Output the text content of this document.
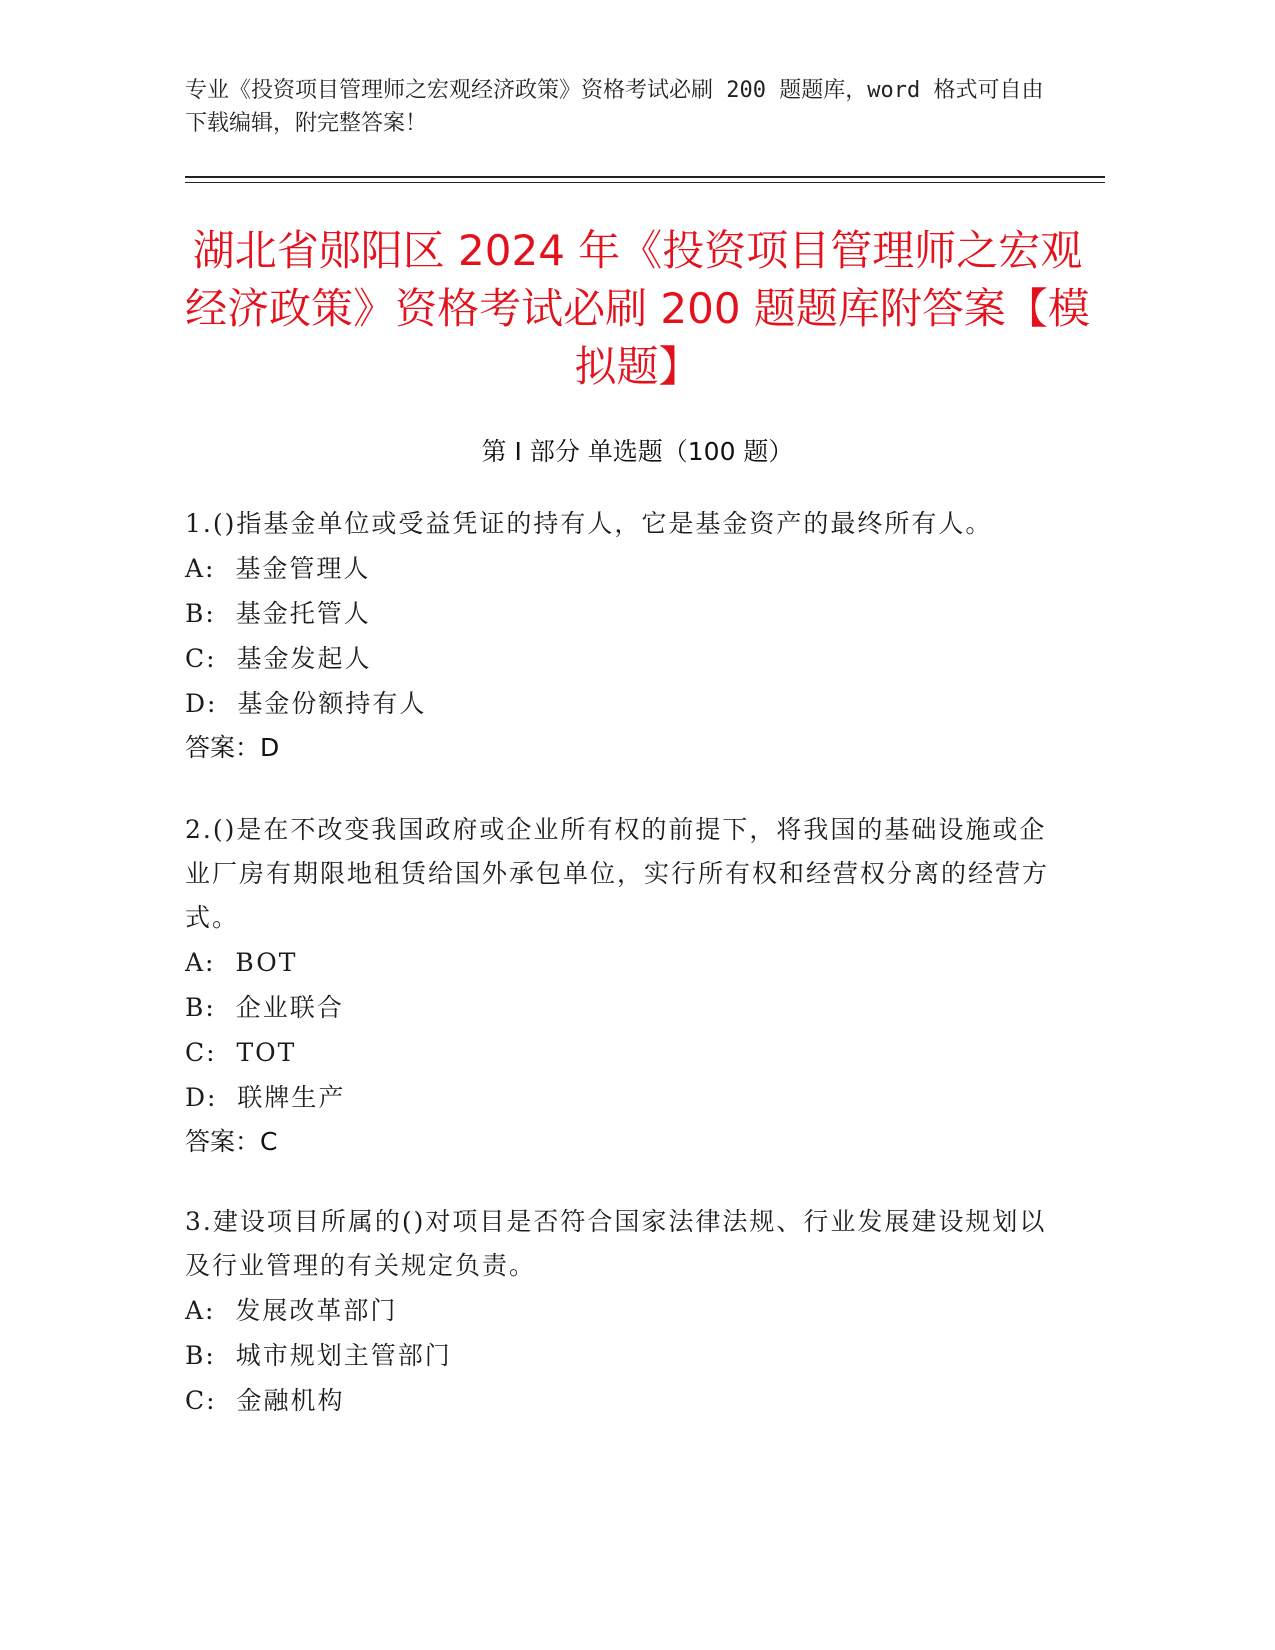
专业《投资项目管理师之宏观经济政策》资格考试必刷 200 题题库，word 格式可自由下载编辑，附完整答案！
湖北省郧阳区 2024 年《投资项目管理师之宏观经济政策》资格考试必刷 200 题题库附答案【模拟题】
第 I 部分 单选题（100 题）
1.()指基金单位或受益凭证的持有人，它是基金资产的最终所有人。
A:  基金管理人
B:  基金托管人
C:  基金发起人
D:  基金份额持有人
答案：D
2.()是在不改变我国政府或企业所有权的前提下，将我国的基础设施或企业厂房有期限地租赁给国外承包单位，实行所有权和经营权分离的经营方式。
A:  BOT
B:  企业联合
C:  TOT
D:  联牌生产
答案：C
3.建设项目所属的()对项目是否符合国家法律法规、行业发展建设规划以及行业管理的有关规定负责。
A:  发展改革部门
B:  城市规划主管部门
C:  金融机构
